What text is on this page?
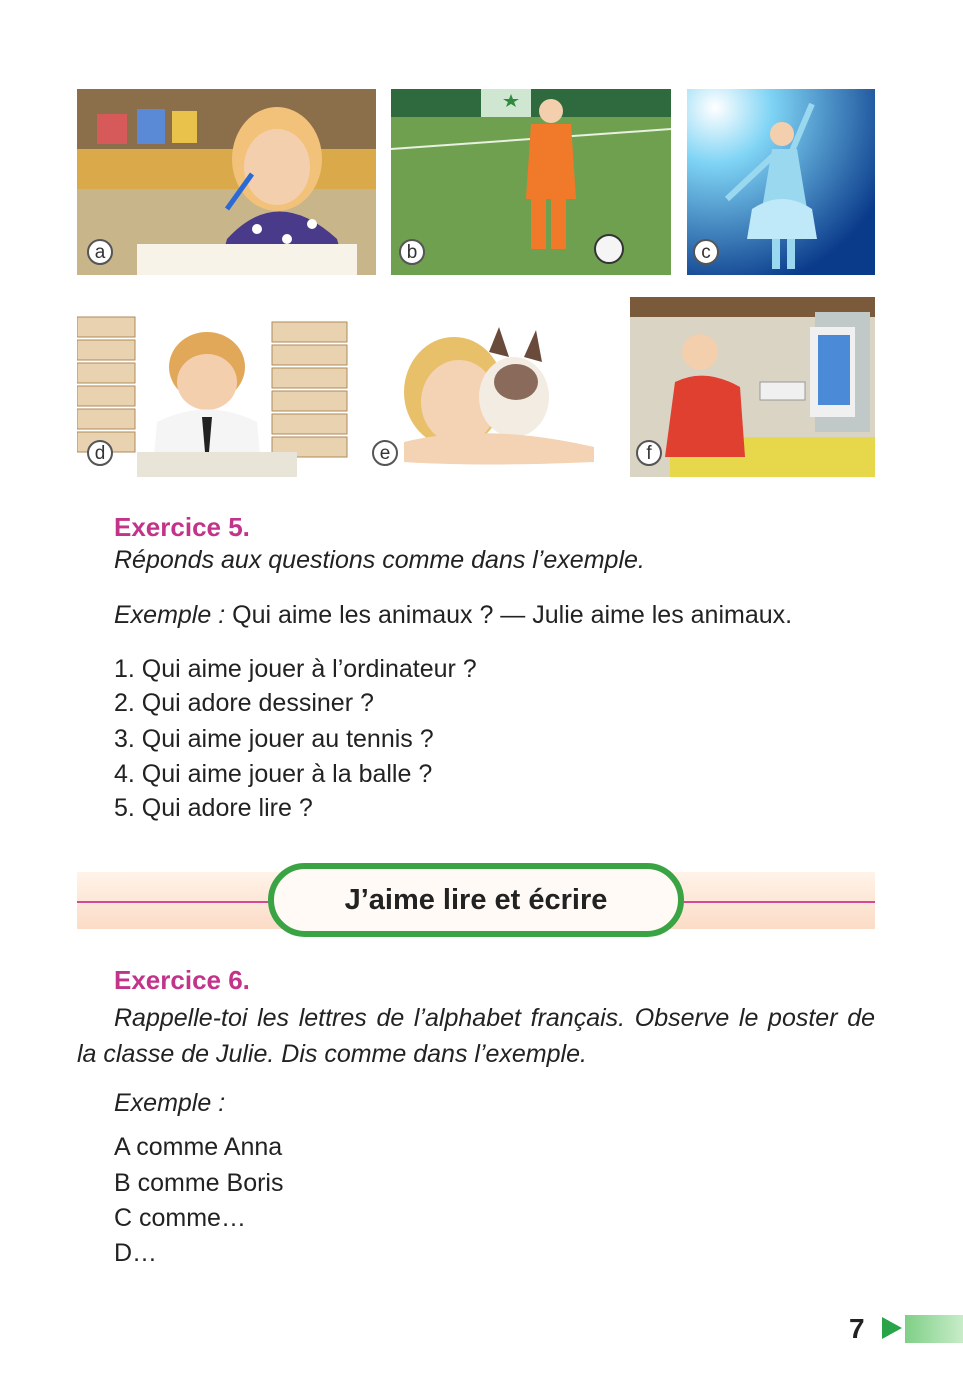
a	b	c
d	e	f
Exercice 5.
Réponds aux questions comme dans l’exemple.
Exemple : Qui aime les animaux ? — Julie aime les animaux.
1. Qui aime jouer à l’ordinateur ?
2. Qui adore dessiner ?
3. Qui aime jouer au tennis ?
4. Qui aime jouer à la balle ?
5. Qui adore lire ?
J’aime lire et écrire
Exercice 6.
Rappelle-toi les lettres de l’alphabet français. Observe le poster de la classe de Julie. Dis comme dans l’exemple.
Exemple :
A comme Anna
B comme Boris
C comme…
D…
7
